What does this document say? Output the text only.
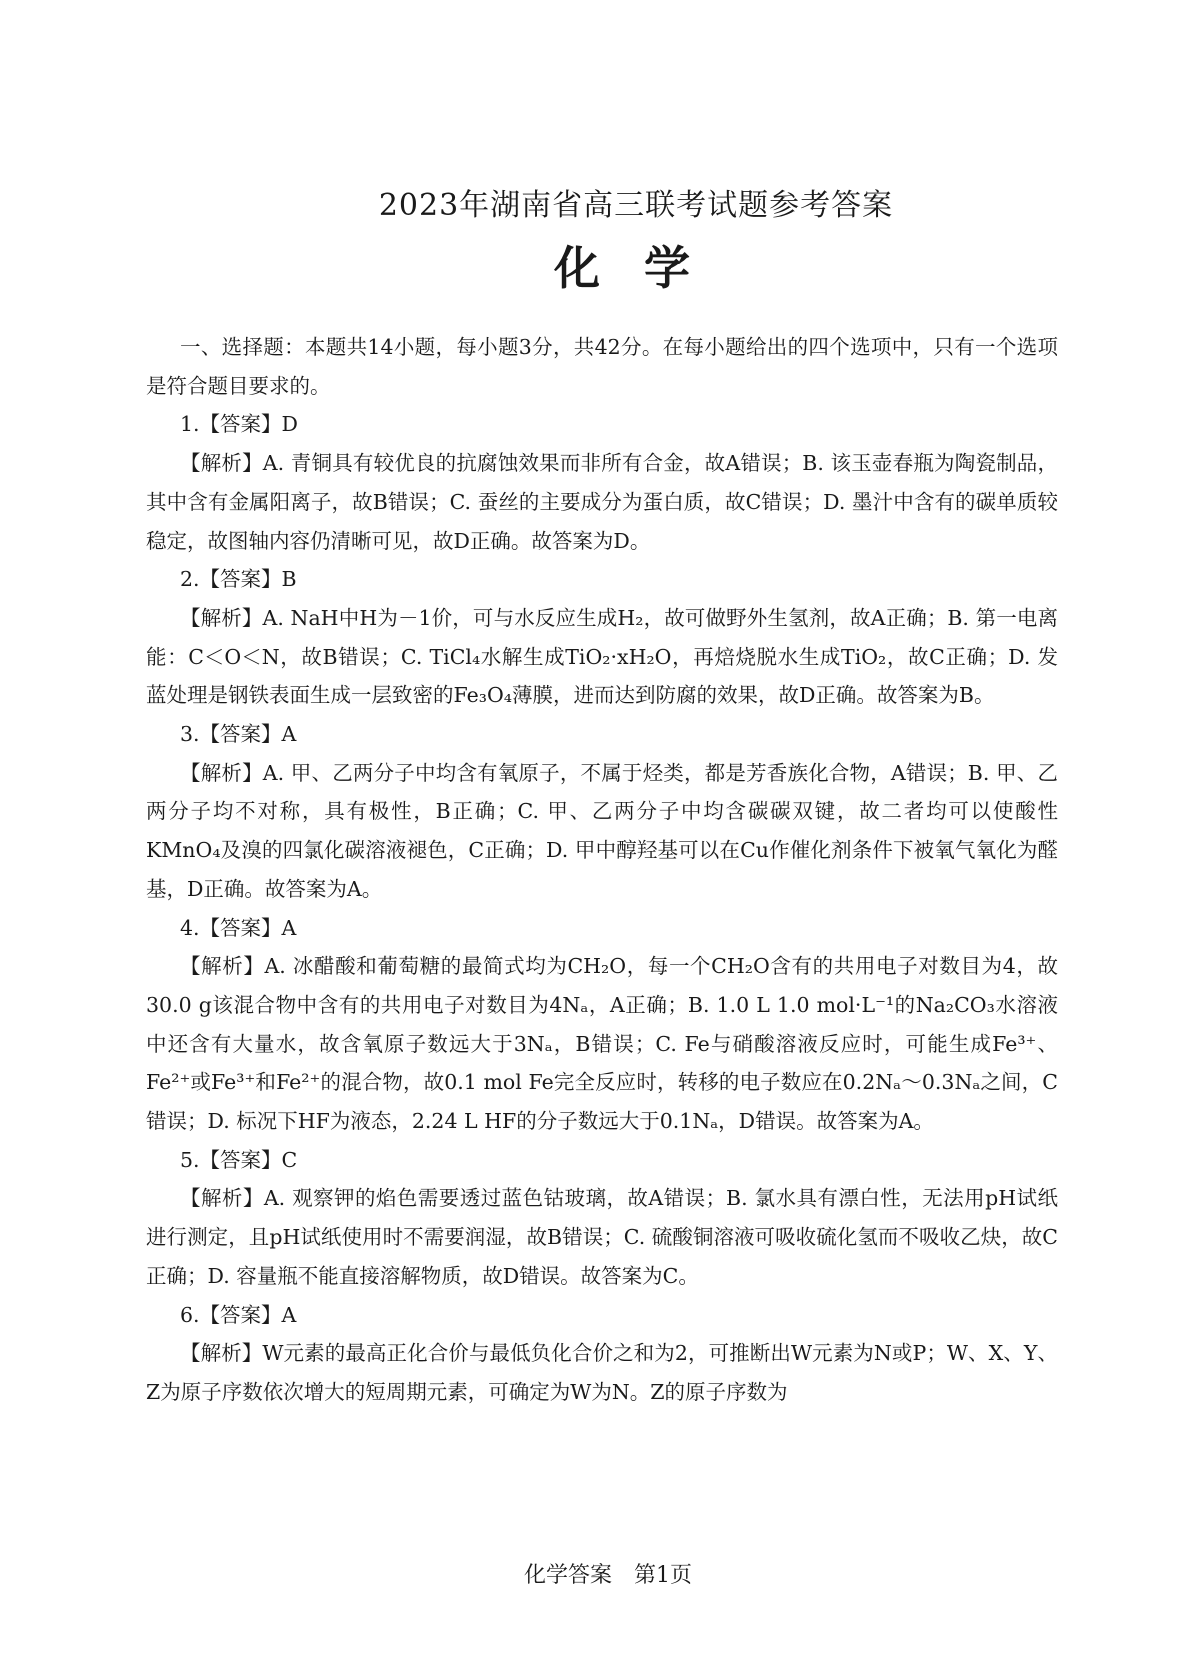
2023年湖南省高三联考试题参考答案
化学

一、选择题：本题共14小题，每小题3分，共42分。在每小题给出的四个选项中，只有一个选项是符合题目要求的。

1.【答案】D

【解析】A. 青铜具有较优良的抗腐蚀效果而非所有合金，故A错误；B. 该玉壶春瓶为陶瓷制品，其中含有金属阳离子，故B错误；C. 蚕丝的主要成分为蛋白质，故C错误；D. 墨汁中含有的碳单质较稳定，故图轴内容仍清晰可见，故D正确。故答案为D。

2.【答案】B

【解析】A. NaH中H为－1价，可与水反应生成H₂，故可做野外生氢剂，故A正确；B. 第一电离能：C＜O＜N，故B错误；C. TiCl₄水解生成TiO₂·xH₂O，再焙烧脱水生成TiO₂，故C正确；D. 发蓝处理是钢铁表面生成一层致密的Fe₃O₄薄膜，进而达到防腐的效果，故D正确。故答案为B。

3.【答案】A

【解析】A. 甲、乙两分子中均含有氧原子，不属于烃类，都是芳香族化合物，A错误；B. 甲、乙两分子均不对称，具有极性，B正确；C. 甲、乙两分子中均含碳碳双键，故二者均可以使酸性KMnO₄及溴的四氯化碳溶液褪色，C正确；D. 甲中醇羟基可以在Cu作催化剂条件下被氧气氧化为醛基，D正确。故答案为A。

4.【答案】A

【解析】A. 冰醋酸和葡萄糖的最简式均为CH₂O，每一个CH₂O含有的共用电子对数目为4，故30.0 g该混合物中含有的共用电子对数目为4Nₐ，A正确；B. 1.0 L 1.0 mol·L⁻¹的Na₂CO₃水溶液中还含有大量水，故含氧原子数远大于3Nₐ，B错误；C. Fe与硝酸溶液反应时，可能生成Fe³⁺、Fe²⁺或Fe³⁺和Fe²⁺的混合物，故0.1 mol Fe完全反应时，转移的电子数应在0.2Nₐ～0.3Nₐ之间，C错误；D. 标况下HF为液态，2.24 L HF的分子数远大于0.1Nₐ，D错误。故答案为A。

5.【答案】C

【解析】A. 观察钾的焰色需要透过蓝色钴玻璃，故A错误；B. 氯水具有漂白性，无法用pH试纸进行测定，且pH试纸使用时不需要润湿，故B错误；C. 硫酸铜溶液可吸收硫化氢而不吸收乙炔，故C正确；D. 容量瓶不能直接溶解物质，故D错误。故答案为C。

6.【答案】A

【解析】W元素的最高正化合价与最低负化合价之和为2，可推断出W元素为N或P；W、X、Y、Z为原子序数依次增大的短周期元素，可确定为W为N。Z的原子序数为

化学答案　第1页
